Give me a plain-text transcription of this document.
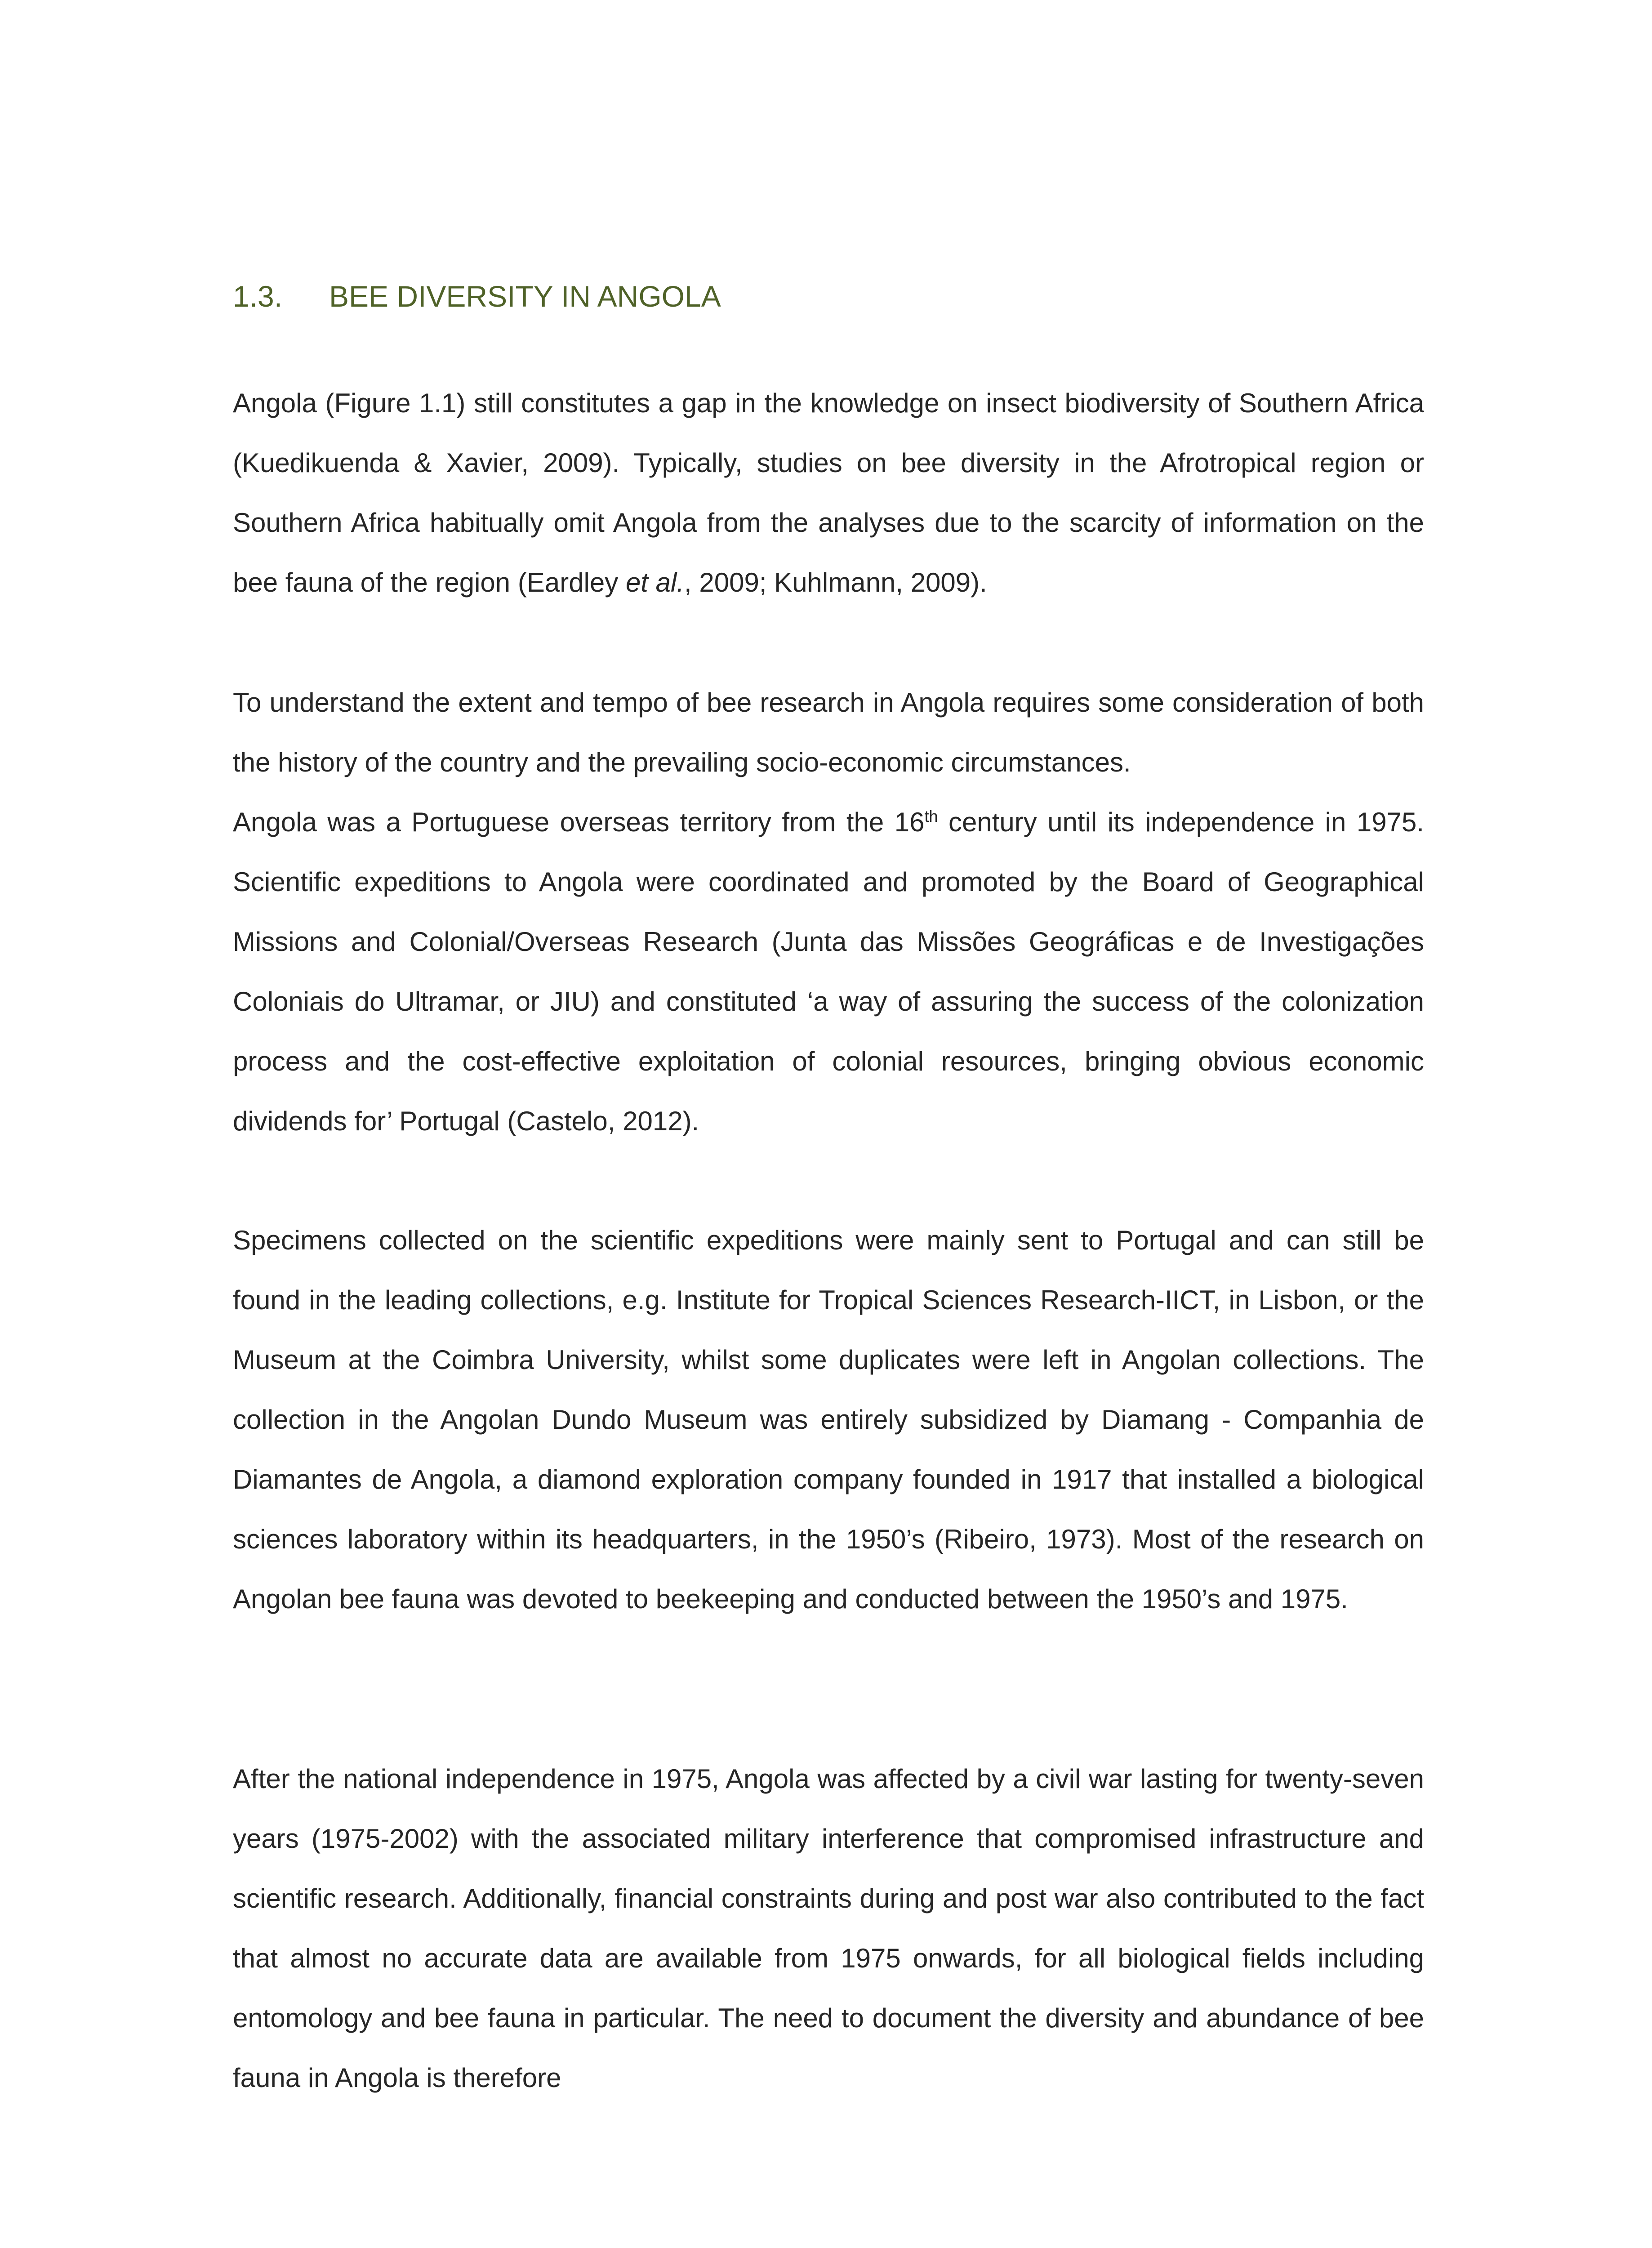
1.3. BEE DIVERSITY IN ANGOLA

Angola (Figure 1.1) still constitutes a gap in the knowledge on insect biodiversity of Southern Africa (Kuedikuenda & Xavier, 2009). Typically, studies on bee diversity in the Afrotropical region or Southern Africa habitually omit Angola from the analyses due to the scarcity of information on the bee fauna of the region (Eardley et al., 2009; Kuhlmann, 2009).

To understand the extent and tempo of bee research in Angola requires some consideration of both the history of the country and the prevailing socio-economic circumstances.
Angola was a Portuguese overseas territory from the 16th century until its independence in 1975. Scientific expeditions to Angola were coordinated and promoted by the Board of Geographical Missions and Colonial/Overseas Research (Junta das Missões Geográficas e de Investigações Coloniais do Ultramar, or JIU) and constituted ‘a way of assuring the success of the colonization process and the cost-effective exploitation of colonial resources, bringing obvious economic dividends for’ Portugal (Castelo, 2012).

Specimens collected on the scientific expeditions were mainly sent to Portugal and can still be found in the leading collections, e.g. Institute for Tropical Sciences Research-IICT, in Lisbon, or the Museum at the Coimbra University, whilst some duplicates were left in Angolan collections. The collection in the Angolan Dundo Museum was entirely subsidized by Diamang - Companhia de Diamantes de Angola, a diamond exploration company founded in 1917 that installed a biological sciences laboratory within its headquarters, in the 1950’s (Ribeiro, 1973). Most of the research on Angolan bee fauna was devoted to beekeeping and conducted between the 1950’s and 1975.

After the national independence in 1975, Angola was affected by a civil war lasting for twenty-seven years (1975-2002) with the associated military interference that compromised infrastructure and scientific research. Additionally, financial constraints during and post war also contributed to the fact that almost no accurate data are available from 1975 onwards, for all biological fields including entomology and bee fauna in particular. The need to document the diversity and abundance of bee fauna in Angola is therefore
